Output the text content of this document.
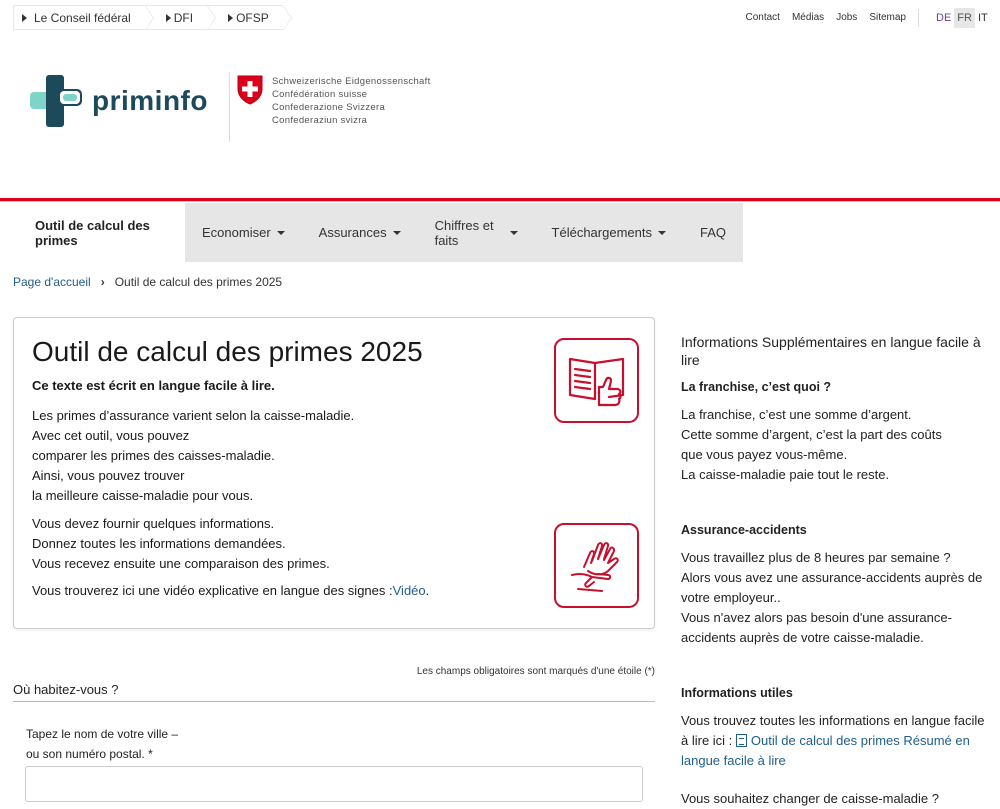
Le Conseil fédéral	DFI	OFSP	Contact Médias Jobs Sitemap	DE FR IT
priminfo
Schweizerische Eidgenossenschaft
Confédération suisse
Confederazione Svizzera
Confederaziun svizra
Outil de calcul des primes	Economiser	Assurances	Chiffres et faits	Téléchargements	FAQ
Page d'accueil › Outil de calcul des primes 2025
Outil de calcul des primes 2025
Ce texte est écrit en langue facile à lire.
Les primes d’assurance varient selon la caisse-maladie.
Avec cet outil, vous pouvez
comparer les primes des caisses-maladie.
Ainsi, vous pouvez trouver
la meilleure caisse-maladie pour vous.
Vous devez fournir quelques informations.
Donnez toutes les informations demandées.
Vous recevez ensuite une comparaison des primes.
Vous trouverez ici une vidéo explicative en langue des signes :Vidéo.
Les champs obligatoires sont marqués d'une étoile (*)
Où habitez-vous ?
Tapez le nom de votre ville –
ou son numéro postal. *
Informations Supplémentaires en langue facile à lire
La franchise, c’est quoi ?
La franchise, c’est une somme d’argent.
Cette somme d’argent, c’est la part des coûts
que vous payez vous-même.
La caisse-maladie paie tout le reste.
Assurance-accidents
Vous travaillez plus de 8 heures par semaine ?
Alors vous avez une assurance-accidents auprès de votre employeur..
Vous n'avez alors pas besoin d'une assurance-accidents auprès de votre caisse-maladie.
Informations utiles
Vous trouvez toutes les informations en langue facile à lire ici : Outil de calcul des primes Résumé en langue facile à lire
Vous souhaitez changer de caisse-maladie ?
